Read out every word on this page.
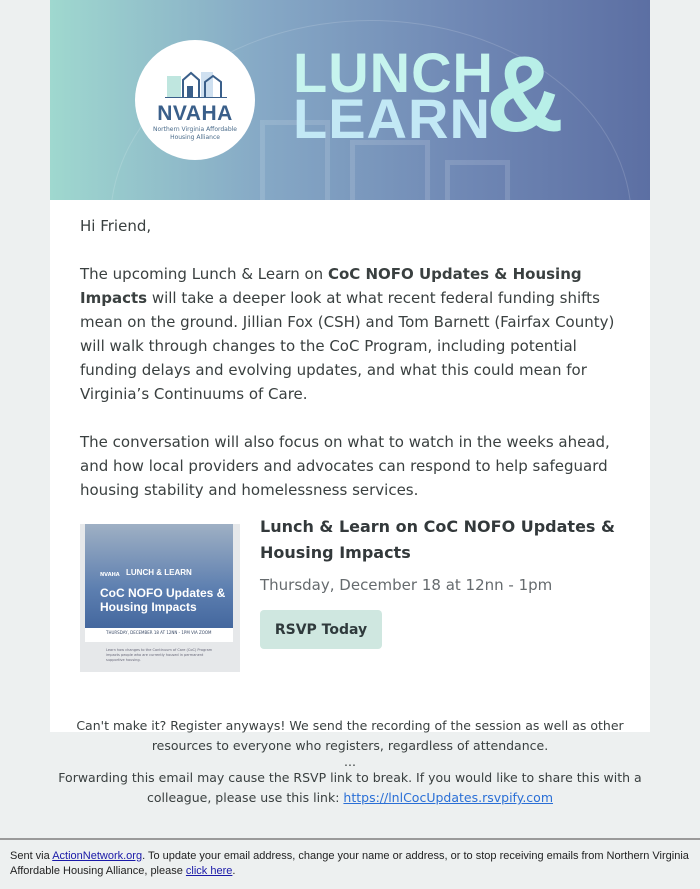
NVAHA
Northern Virginia Affordable Housing Alliance
LUNCH
LEARN
&

Hi Friend,

The upcoming Lunch & Learn on CoC NOFO Updates & Housing Impacts will take a deeper look at what recent federal funding shifts mean on the ground. Jillian Fox (CSH) and Tom Barnett (Fairfax County) will walk through changes to the CoC Program, including potential funding delays and evolving updates, and what this could mean for Virginia’s Continuums of Care.

The conversation will also focus on what to watch in the weeks ahead, and how local providers and advocates can respond to help safeguard housing stability and homelessness services.

NVAHA LUNCH & LEARN
CoC NOFO Updates & Housing Impacts
THURSDAY, DECEMBER 18 AT 12NN - 1PM VIA ZOOM
Learn how changes to the Continuum of Care (CoC) Program impacts people who are currently housed in permanent supportive housing.
Lunch & Learn on CoC NOFO Updates & Housing Impacts
Thursday, December 18 at 12nn - 1pm
RSVP Today
Can't make it? Register anyways! We send the recording of the session as well as other resources to everyone who registers, regardless of attendance.
...
Forwarding this email may cause the RSVP link to break. If you would like to share this with a colleague, please use this link: https://lnlCocUpdates.rsvpify.com
Sent via ActionNetwork.org. To update your email address, change your name or address, or to stop receiving emails from Northern Virginia Affordable Housing Alliance, please click here.
